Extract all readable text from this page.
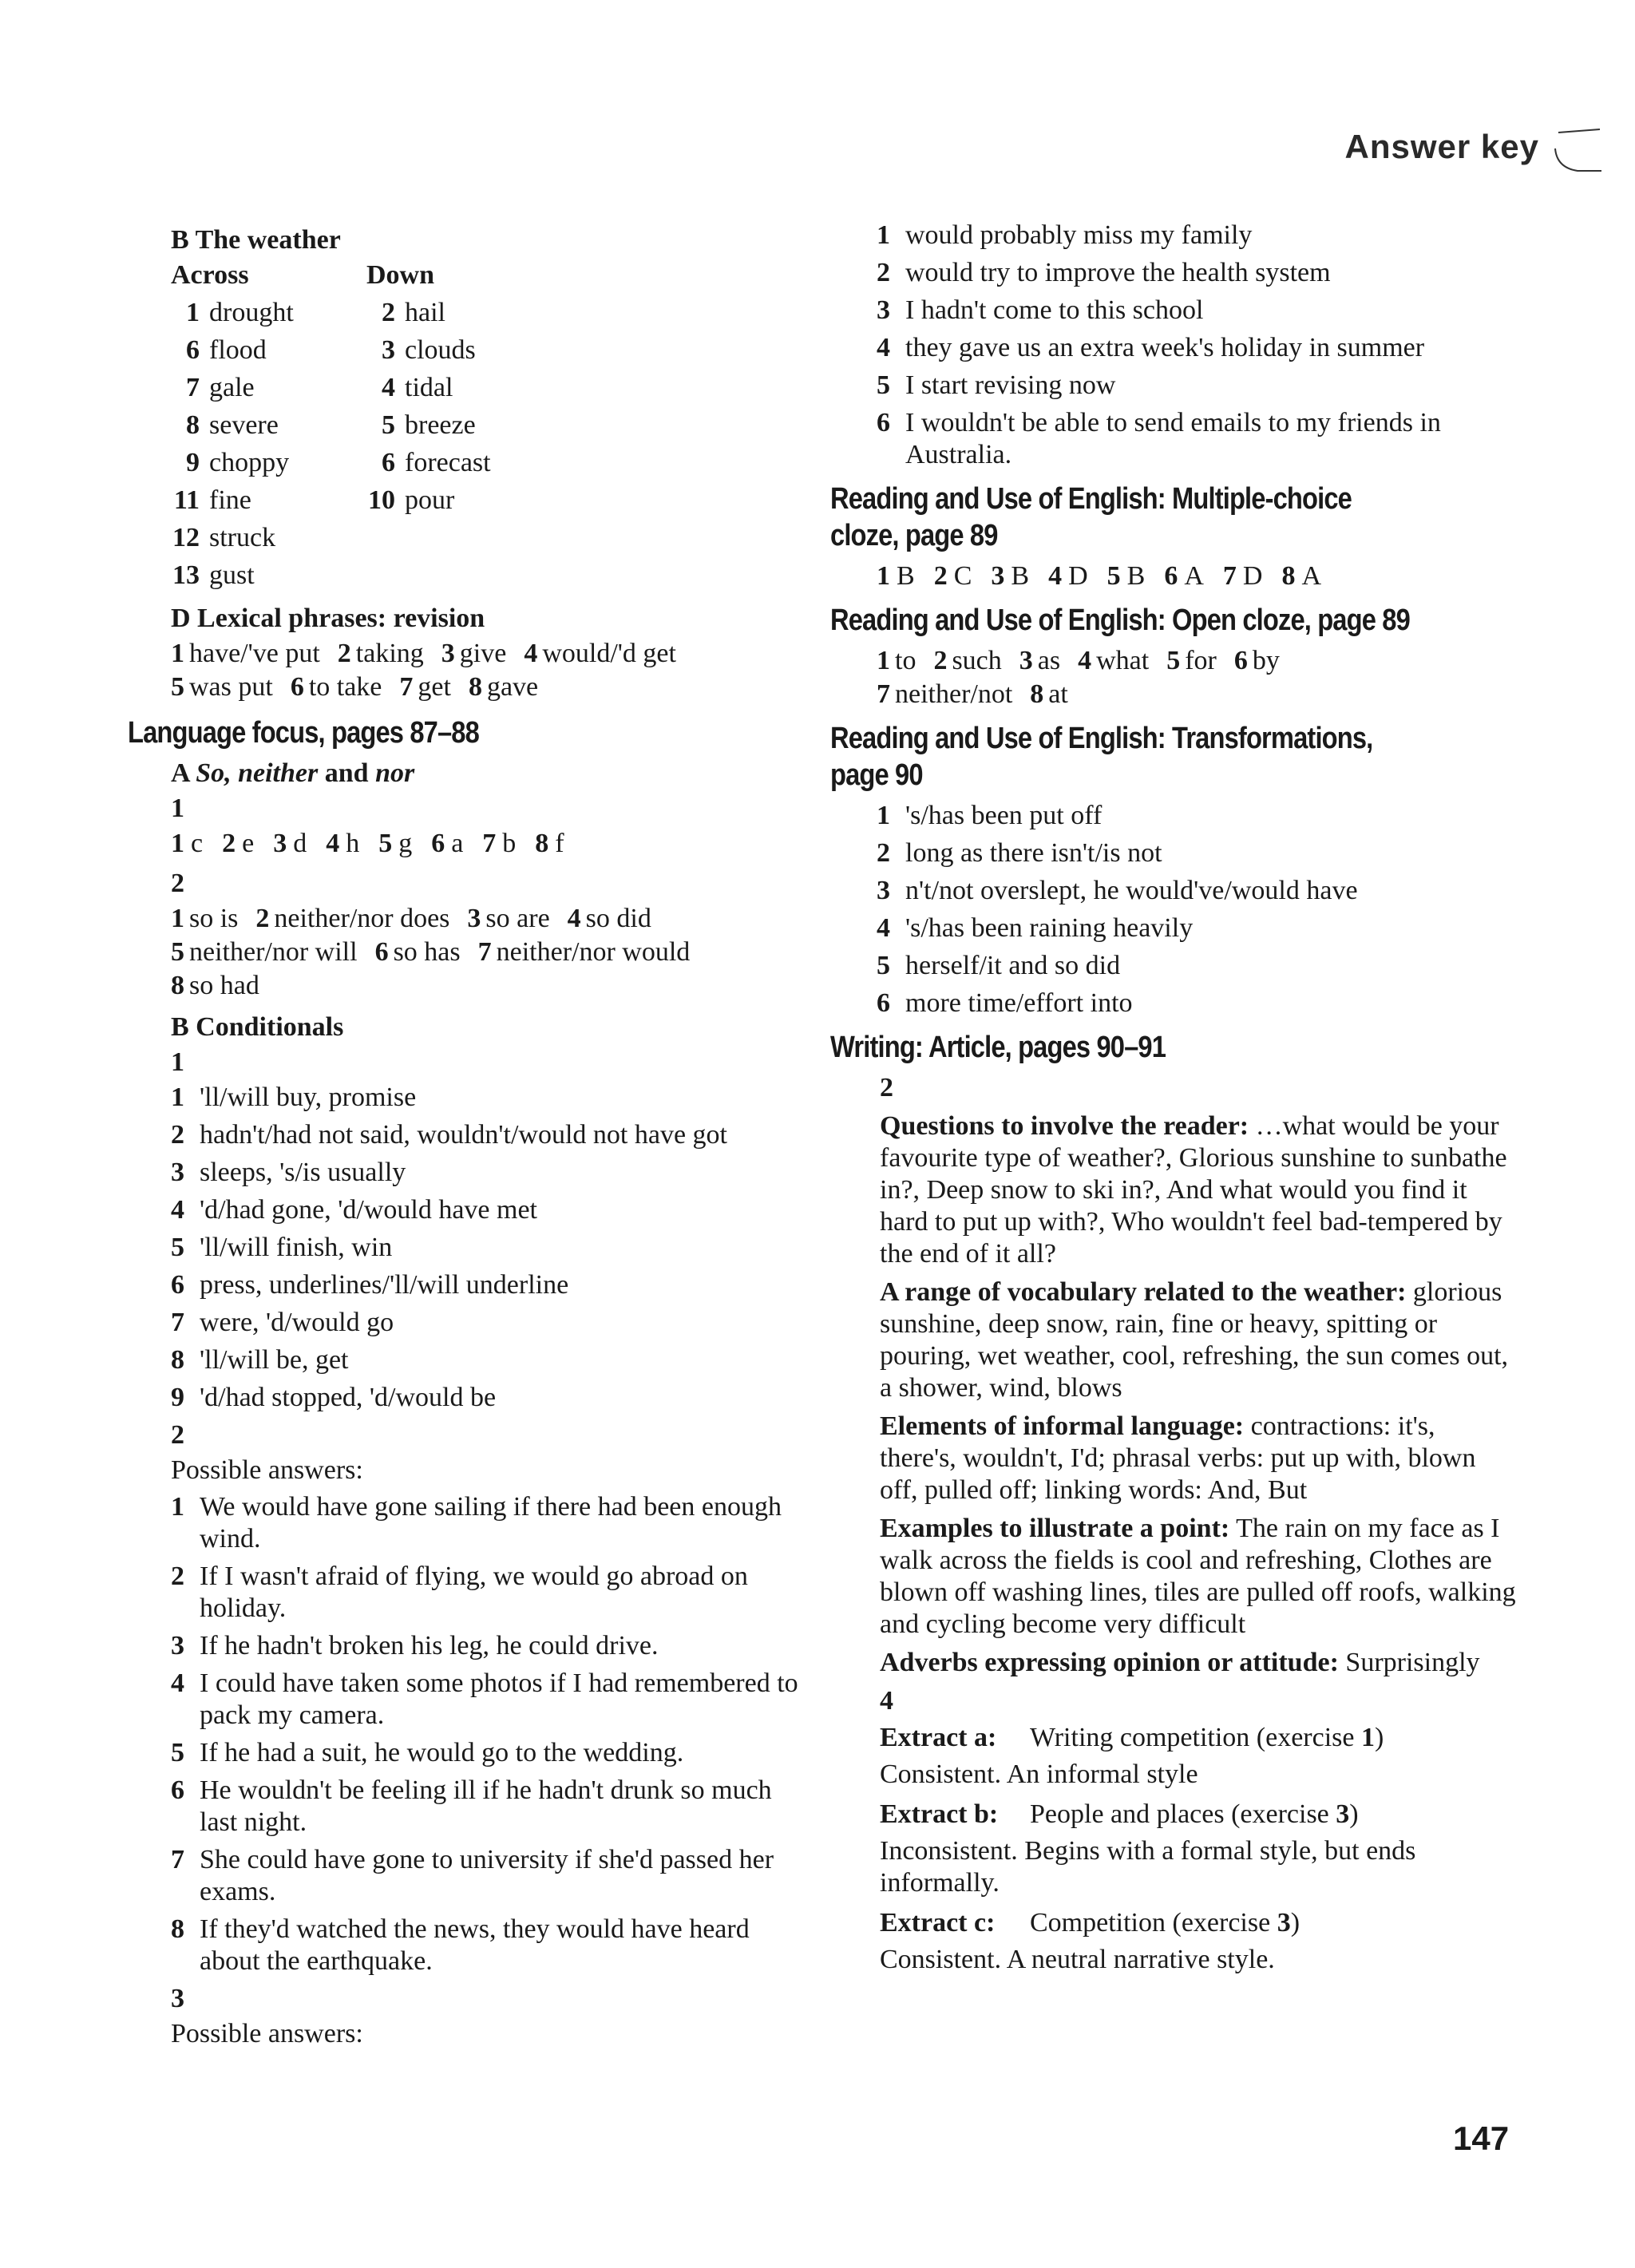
Answer key
B The weather
Across	Down
1 drought	2 hail
6 flood	3 clouds
7 gale	4 tidal
8 severe	5 breeze
9 choppy	6 forecast
11 fine	10 pour
12 struck
13 gust
D Lexical phrases: revision
1 have/'ve put 2 taking 3 give 4 would/'d get
5 was put 6 to take 7 get 8 gave
Language focus, pages 87–88
A So, neither and nor
1
1 c 2 e 3 d 4 h 5 g 6 a 7 b 8 f
2
1 so is 2 neither/nor does 3 so are 4 so did
5 neither/nor will 6 so has 7 neither/nor would
8 so had
B Conditionals
1
1 'll/will buy, promise
2 hadn't/had not said, wouldn't/would not have got
3 sleeps, 's/is usually
4 'd/had gone, 'd/would have met
5 'll/will finish, win
6 press, underlines/'ll/will underline
7 were, 'd/would go
8 'll/will be, get
9 'd/had stopped, 'd/would be
2
Possible answers:
1 We would have gone sailing if there had been enough wind.
2 If I wasn't afraid of flying, we would go abroad on holiday.
3 If he hadn't broken his leg, he could drive.
4 I could have taken some photos if I had remembered to pack my camera.
5 If he had a suit, he would go to the wedding.
6 He wouldn't be feeling ill if he hadn't drunk so much last night.
7 She could have gone to university if she'd passed her exams.
8 If they'd watched the news, they would have heard about the earthquake.
3
Possible answers:
1 would probably miss my family
2 would try to improve the health system
3 I hadn't come to this school
4 they gave us an extra week's holiday in summer
5 I start revising now
6 I wouldn't be able to send emails to my friends in Australia.
Reading and Use of English: Multiple-choice cloze, page 89
1 B 2 C 3 B 4 D 5 B 6 A 7 D 8 A
Reading and Use of English: Open cloze, page 89
1 to 2 such 3 as 4 what 5 for 6 by
7 neither/not 8 at
Reading and Use of English: Transformations, page 90
1 's/has been put off
2 long as there isn't/is not
3 n't/not overslept, he would've/would have
4 's/has been raining heavily
5 herself/it and so did
6 more time/effort into
Writing: Article, pages 90–91
2
Questions to involve the reader: …what would be your favourite type of weather?, Glorious sunshine to sunbathe in?, Deep snow to ski in?, And what would you find it hard to put up with?, Who wouldn't feel bad-tempered by the end of it all?
A range of vocabulary related to the weather: glorious sunshine, deep snow, rain, fine or heavy, spitting or pouring, wet weather, cool, refreshing, the sun comes out, a shower, wind, blows
Elements of informal language: contractions: it's, there's, wouldn't, I'd; phrasal verbs: put up with, blown off, pulled off; linking words: And, But
Examples to illustrate a point: The rain on my face as I walk across the fields is cool and refreshing, Clothes are blown off washing lines, tiles are pulled off roofs, walking and cycling become very difficult
Adverbs expressing opinion or attitude: Surprisingly
4
Extract a:	Writing competition (exercise 1)
Consistent. An informal style
Extract b:	People and places (exercise 3)
Inconsistent. Begins with a formal style, but ends informally.
Extract c:	Competition (exercise 3)
Consistent. A neutral narrative style.
147
